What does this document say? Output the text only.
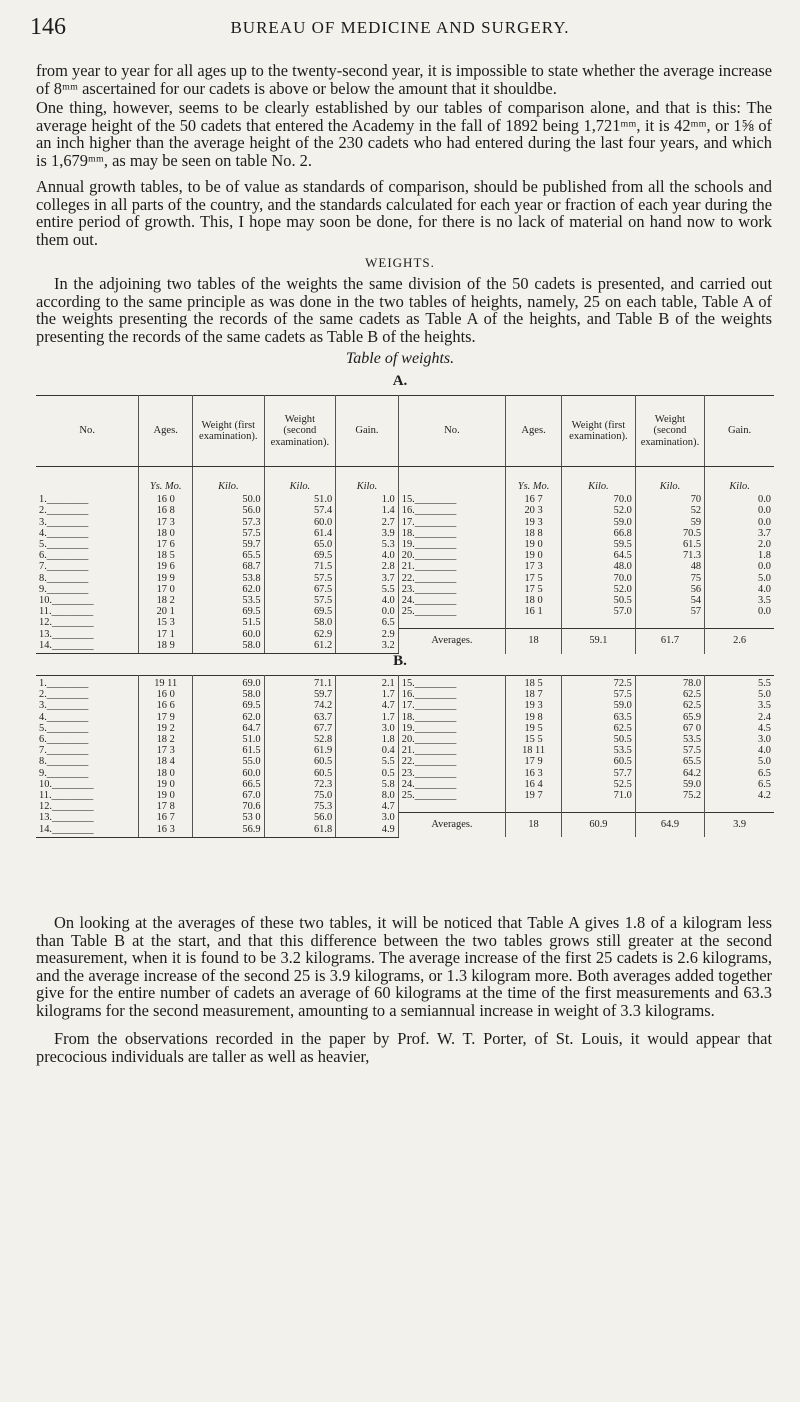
146	BUREAU OF MEDICINE AND SURGERY.

from year to year for all ages up to the twenty-second year, it is impossible to state whether the average increase of 8ᵐᵐ ascertained for our cadets is above or below the amount that it shouldbe.

One thing, however, seems to be clearly established by our tables of comparison alone, and that is this: The average height of the 50 cadets that entered the Academy in the fall of 1892 being 1,721ᵐᵐ, it is 42ᵐᵐ, or 1⅝ of an inch higher than the average height of the 230 cadets who had entered during the last four years, and which is 1,679ᵐᵐ, as may be seen on table No. 2.

Annual growth tables, to be of value as standards of comparison, should be published from all the schools and colleges in all parts of the country, and the standards calculated for each year or fraction of each year during the entire period of growth. This, I hope may soon be done, for there is no lack of material on hand now to work them out.

WEIGHTS.

In the adjoining two tables of the weights the same division of the 50 cadets is presented, and carried out according to the same principle as was done in the two tables of heights, namely, 25 on each table, Table A of the weights presenting the records of the same cadets as Table A of the heights, and Table B of the weights presenting the records of the same cadets as Table B of the heights.

Table of weights.

A.

No.	Ages.	Weight (first examination).	Weight (second examination).	Gain.	No.	Ages.	Weight (first examination).	Weight (second examination).	Gain.
	Ys. Mo.	Kilo.	Kilo.	Kilo.		Ys. Mo.	Kilo.	Kilo.	Kilo.
1.________	16 0	50.0	51.0	1.0	15.________	16 7	70.0	70	0.0
2.________	16 8	56.0	57.4	1.4	16.________	20 3	52.0	52	0.0
3.________	17 3	57.3	60.0	2.7	17.________	19 3	59.0	59	0.0
4.________	18 0	57.5	61.4	3.9	18.________	18 8	66.8	70.5	3.7
5.________	17 6	59.7	65.0	5.3	19.________	19 0	59.5	61.5	2.0
6.________	18 5	65.5	69.5	4.0	20.________	19 0	64.5	71.3	1.8
7.________	19 6	68.7	71.5	2.8	21.________	17 3	48.0	48	0.0
8.________	19 9	53.8	57.5	3.7	22.________	17 5	70.0	75	5.0
9.________	17 0	62.0	67.5	5.5	23.________	17 5	52.0	56	4.0
10.________	18 2	53.5	57.5	4.0	24.________	18 0	50.5	54	3.5
11.________	20 1	69.5	69.5	0.0	25.________	16 1	57.0	57	0.0
12.________	15 3	51.5	58.0	6.5					
13.________	17 1	60.0	62.9	2.9	Averages.	18	59.1	61.7	2.6
14.________	18 9	58.0	61.2	3.2					

B.

1.________	19 11	69.0	71.1	2.1	15.________	18 5	72.5	78.0	5.5
2.________	16 0	58.0	59.7	1.7	16.________	18 7	57.5	62.5	5.0
3.________	16 6	69.5	74.2	4.7	17.________	19 3	59.0	62.5	3.5
4.________	17 9	62.0	63.7	1.7	18.________	19 8	63.5	65.9	2.4
5.________	19 2	64.7	67.7	3.0	19.________	19 5	62.5	67 0	4.5
6.________	18 2	51.0	52.8	1.8	20.________	15 5	50.5	53.5	3.0
7.________	17 3	61.5	61.9	0.4	21.________	18 11	53.5	57.5	4.0
8.________	18 4	55.0	60.5	5.5	22.________	17 9	60.5	65.5	5.0
9.________	18 0	60.0	60.5	0.5	23.________	16 3	57.7	64.2	6.5
10.________	19 0	66.5	72.3	5.8	24.________	16 4	52.5	59.0	6.5
11.________	19 0	67.0	75.0	8.0	25.________	19 7	71.0	75.2	4.2
12.________	17 8	70.6	75.3	4.7					
13.________	16 7	53 0	56.0	3.0	Averages.	18	60.9	64.9	3.9
14.________	16 3	56.9	61.8	4.9					

On looking at the averages of these two tables, it will be noticed that Table A gives 1.8 of a kilogram less than Table B at the start, and that this difference between the two tables grows still greater at the second measurement, when it is found to be 3.2 kilograms. The average increase of the first 25 cadets is 2.6 kilograms, and the average increase of the second 25 is 3.9 kilograms, or 1.3 kilogram more. Both averages added together give for the entire number of cadets an average of 60 kilograms at the time of the first measurements and 63.3 kilograms for the second measurement, amounting to a semiannual increase in weight of 3.3 kilograms.

From the observations recorded in the paper by Prof. W. T. Porter, of St. Louis, it would appear that precocious individuals are taller as well as heavier,
